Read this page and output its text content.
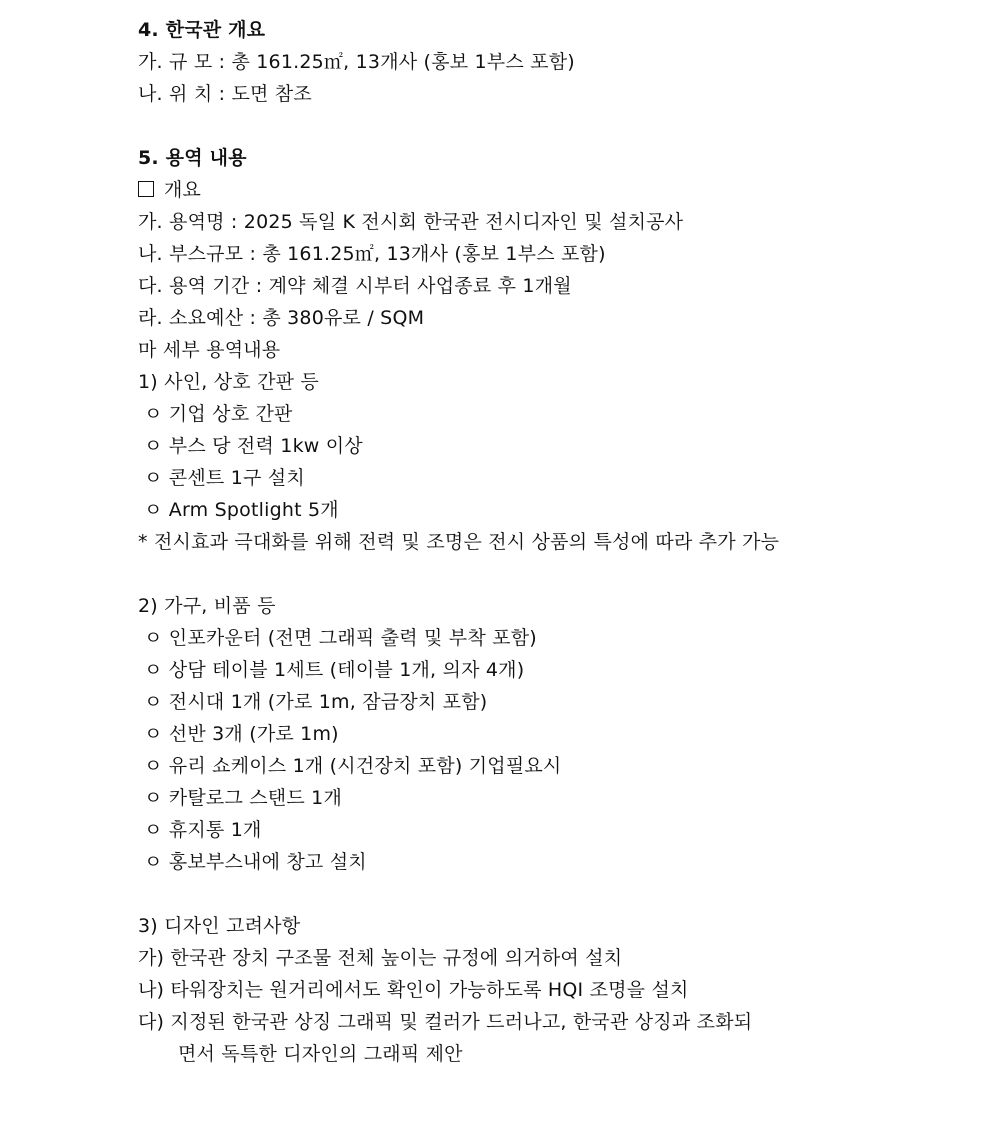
4. 한국관 개요
가. 규 모 : 총 161.25㎡, 13개사 (홍보 1부스 포함)
나. 위 치 : 도면 참조
5. 용역 내용
개요
가. 용역명 : 2025 독일 K 전시회 한국관 전시디자인 및 설치공사
나. 부스규모 : 총 161.25㎡, 13개사 (홍보 1부스 포함)
다. 용역 기간 : 계약 체결 시부터 사업종료 후 1개월
라. 소요예산 : 총 380유로 / SQM
마 세부 용역내용
1) 사인, 상호 간판 등
ㅇ 기업 상호 간판
ㅇ 부스 당 전력 1kw 이상
ㅇ 콘센트 1구 설치
ㅇ Arm Spotlight 5개
* 전시효과 극대화를 위해 전력 및 조명은 전시 상품의 특성에 따라 추가 가능
2) 가구, 비품 등
ㅇ 인포카운터 (전면 그래픽 출력 및 부착 포함)
ㅇ 상담 테이블 1세트 (테이블 1개, 의자 4개)
ㅇ 전시대 1개 (가로 1m, 잠금장치 포함)
ㅇ 선반 3개 (가로 1m)
ㅇ 유리 쇼케이스 1개 (시건장치 포함) 기업필요시
ㅇ 카탈로그 스탠드 1개
ㅇ 휴지통 1개
ㅇ 홍보부스내에 창고 설치
3) 디자인 고려사항
가) 한국관 장치 구조물 전체 높이는 규정에 의거하여 설치
나) 타워장치는 원거리에서도 확인이 가능하도록 HQI 조명을 설치
다) 지정된 한국관 상징 그래픽 및 컬러가 드러나고, 한국관 상징과 조화되
면서 독특한 디자인의 그래픽 제안
